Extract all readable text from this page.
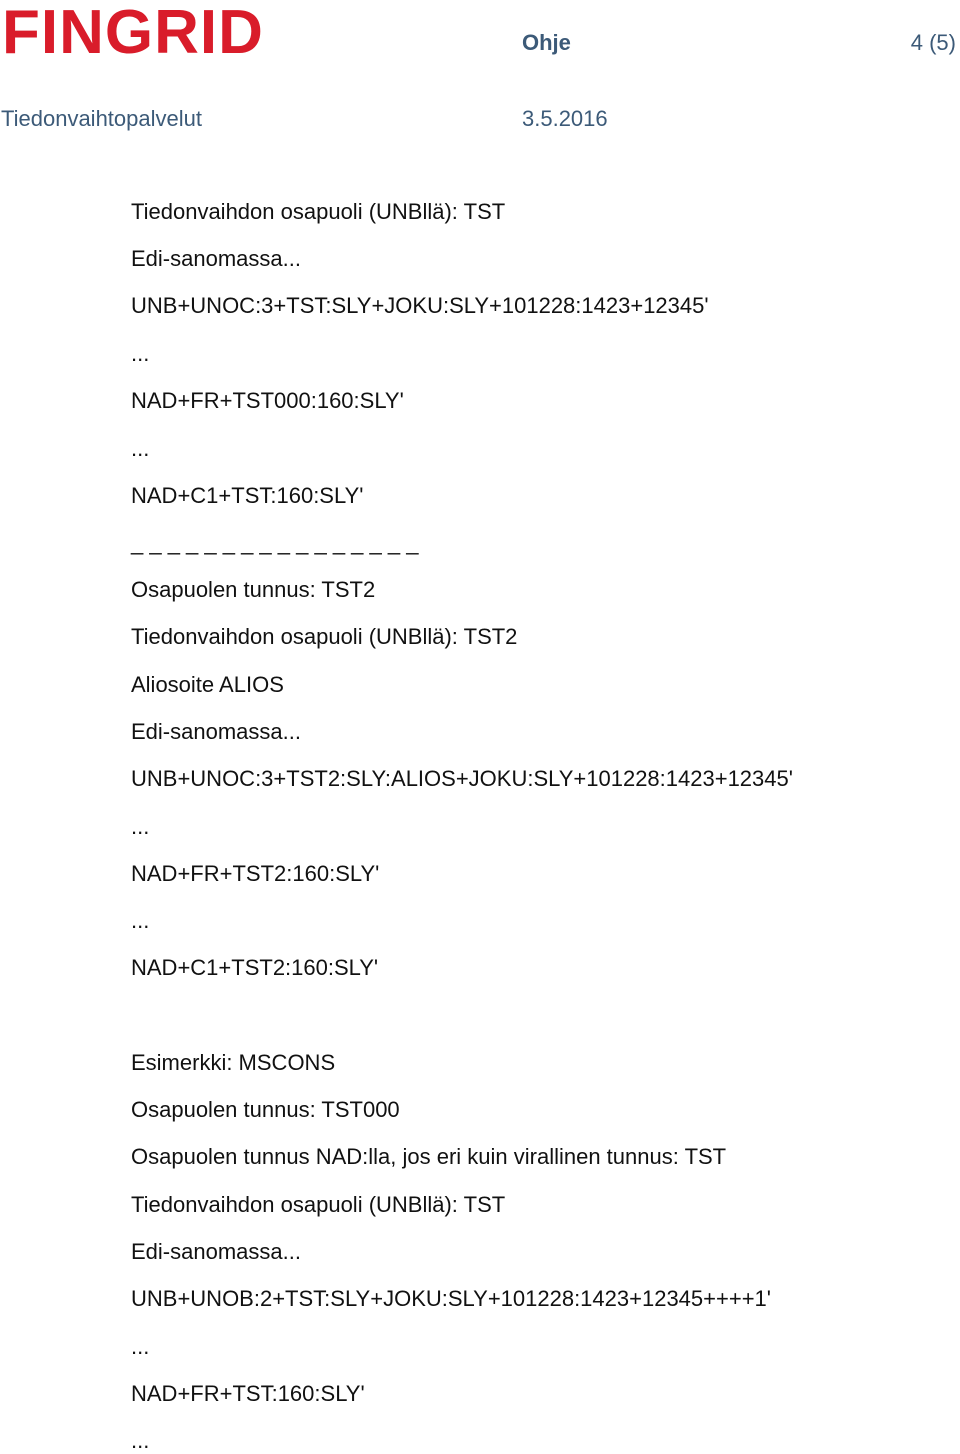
FINGRID	Ohje	4 (5)
Tiedonvaihtopalvelut	3.5.2016
Tiedonvaihdon osapuoli (UNBllä): TST
Edi-sanomassa...
UNB+UNOC:3+TST:SLY+JOKU:SLY+101228:1423+12345'
...
NAD+FR+TST000:160:SLY'
...
NAD+C1+TST:160:SLY'
_ _ _ _ _ _ _ _ _ _ _ _ _ _ _ _
Osapuolen tunnus: TST2
Tiedonvaihdon osapuoli (UNBllä): TST2
Aliosoite ALIOS
Edi-sanomassa...
UNB+UNOC:3+TST2:SLY:ALIOS+JOKU:SLY+101228:1423+12345'
...
NAD+FR+TST2:160:SLY'
...
NAD+C1+TST2:160:SLY'
Esimerkki: MSCONS
Osapuolen tunnus: TST000
Osapuolen tunnus NAD:lla, jos eri kuin virallinen tunnus: TST
Tiedonvaihdon osapuoli (UNBllä): TST
Edi-sanomassa...
UNB+UNOB:2+TST:SLY+JOKU:SLY+101228:1423+12345++++1'
...
NAD+FR+TST:160:SLY'
...
